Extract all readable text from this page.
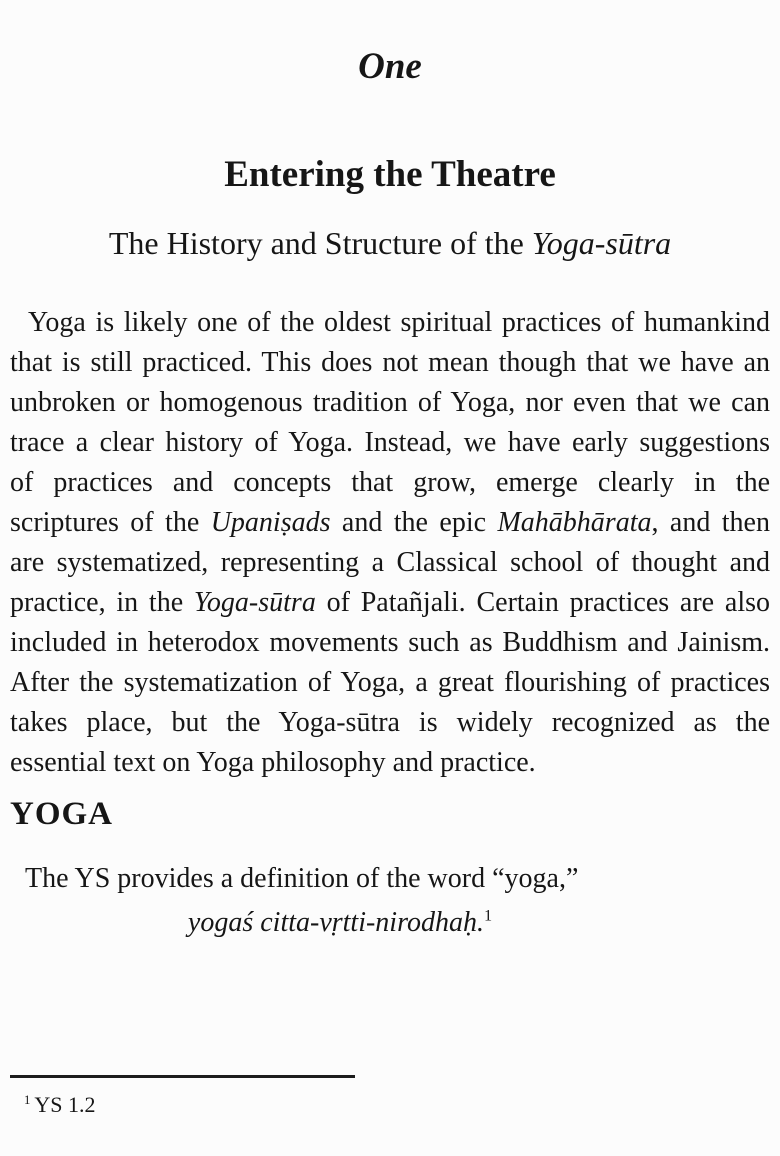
One
Entering the Theatre
The History and Structure of the Yoga-sūtra
Yoga is likely one of the oldest spiritual practices of humankind
that is still practiced. This does not mean though that we have an
unbroken or homogenous tradition of Yoga, nor even that we can
trace a clear history of Yoga. Instead, we have early suggestions
of practices and concepts that grow, emerge clearly in the
scriptures of the Upaniṣads and the epic Mahābhārata, and then
are systematized, representing a Classical school of thought and
practice, in the Yoga-sūtra of Patañjali. Certain practices are also
included in heterodox movements such as Buddhism and Jainism.
After the systematization of Yoga, a great flourishing of practices
takes place, but the Yoga-sūtra is widely recognized as the
essential text on Yoga philosophy and practice.
YOGA
The YS provides a definition of the word “yoga,”
yogaś citta-vṛtti-nirodhaḥ.$^1$
$^1$ YS 1.2
